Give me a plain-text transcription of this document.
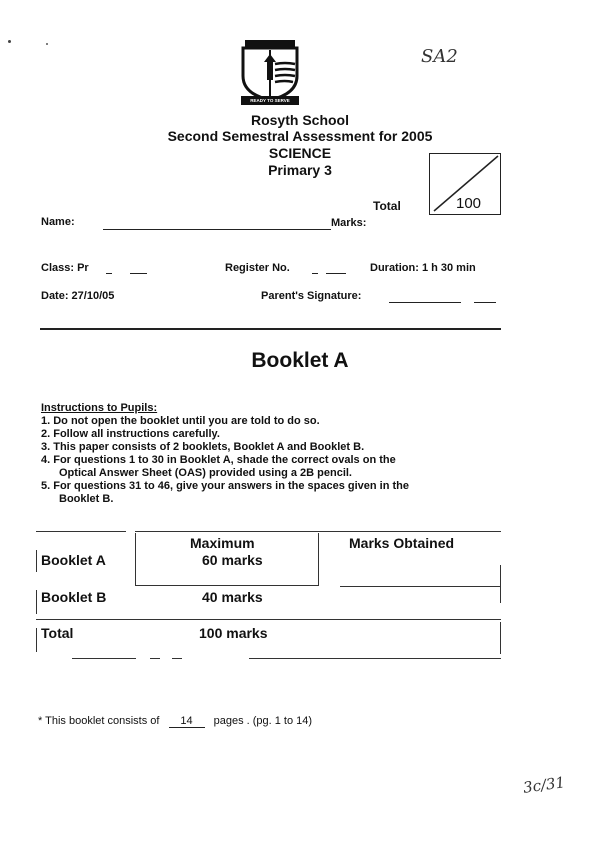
SA2
READY TO SERVE
Rosyth School
Second Semestral Assessment for 2005
SCIENCE
Primary 3
100
Total
Name:	Marks:
Class: Pr	Register No.	Duration: 1 h 30 min
Date: 27/10/05	Parent's Signature:
Booklet A
Instructions to Pupils:
1. Do not open the booklet until you are told to do so.
2. Follow all instructions carefully.
3. This paper consists of 2 booklets, Booklet A and Booklet B.
4. For questions 1 to 30 in Booklet A, shade the correct ovals on the
Optical Answer Sheet (OAS) provided using a 2B pencil.
5. For questions 31 to 46, give your answers in the spaces given in the
Booklet B.
Maximum	Marks Obtained
Booklet A	60 marks
Booklet B	40 marks
Total	100 marks
* This booklet consists of 14 pages . (pg. 1 to 14)
3c/31
